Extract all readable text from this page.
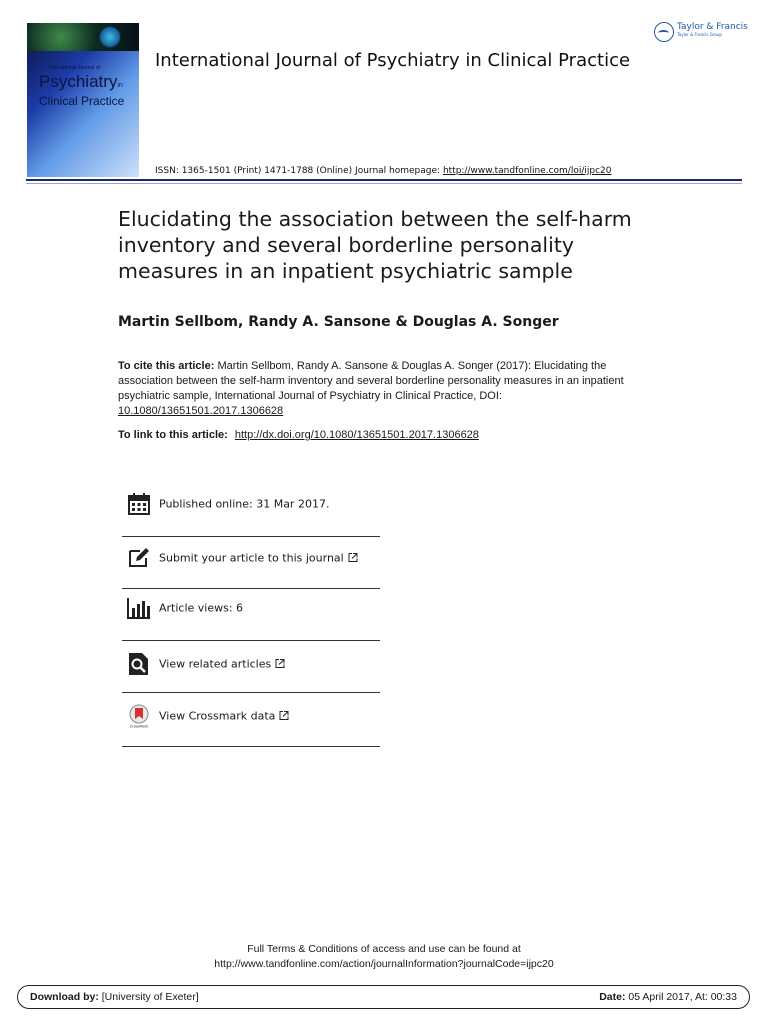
International Journal of
Psychiatryin
Clinical Practice
International Journal of Psychiatry in Clinical Practice
Taylor & Francis
Taylor & Francis Group
ISSN: 1365-1501 (Print) 1471-1788 (Online) Journal homepage: http://www.tandfonline.com/loi/ijpc20
Elucidating the association between the self-harm inventory and several borderline personality measures in an inpatient psychiatric sample
Martin Sellbom, Randy A. Sansone & Douglas A. Songer
To cite this article: Martin Sellbom, Randy A. Sansone & Douglas A. Songer (2017): Elucidating the association between the self-harm inventory and several borderline personality measures in an inpatient psychiatric sample, International Journal of Psychiatry in Clinical Practice, DOI: 10.1080/13651501.2017.1306628
To link to this article: http://dx.doi.org/10.1080/13651501.2017.1306628
Published online: 31 Mar 2017.
Submit your article to this journal
Article views: 6
View related articles
CrossMark
View Crossmark data
Full Terms & Conditions of access and use can be found at
http://www.tandfonline.com/action/journalInformation?journalCode=ijpc20
Download by: [University of Exeter]	Date: 05 April 2017, At: 00:33
